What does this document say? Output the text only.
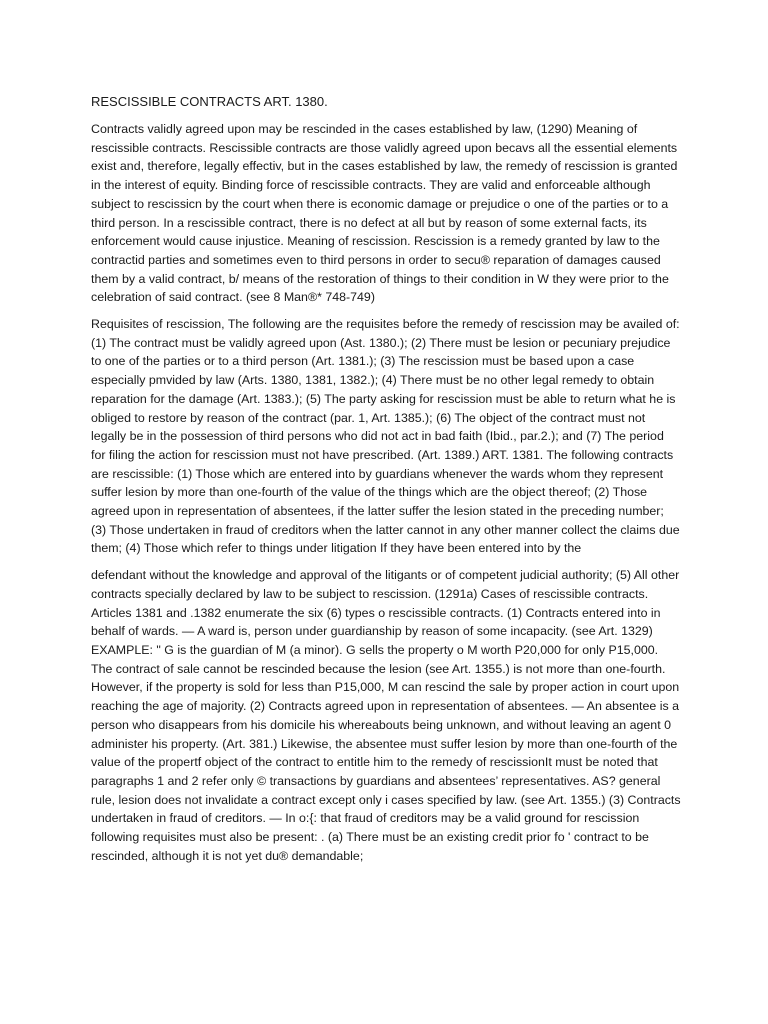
RESCISSIBLE CONTRACTS ART. 1380.

Contracts validly agreed upon may be rescinded in the cases established by law, (1290) Meaning of rescissible contracts. Rescissible contracts are those validly agreed upon becavs all the essential elements exist and, therefore, legally effectiv, but in the cases established by law, the remedy of rescission is granted in the interest of equity. Binding force of rescissible contracts. They are valid and enforceable although subject to rescissicn by the court when there is economic damage or prejudice o one of the parties or to a third person. In a rescissible contract, there is no defect at all but by reason of some external facts, its enforcement would cause injustice. Meaning of rescission. Rescission is a remedy granted by law to the contractid parties and sometimes even to third persons in order to secu® reparation of damages caused them by a valid contract, b/ means of the restoration of things to their condition in W they were prior to the celebration of said contract. (see 8 Man®* 748-749)

Requisites of rescission, The following are the requisites before the remedy of rescission may be availed of: (1) The contract must be validly agreed upon (Ast. 1380.); (2) There must be lesion or pecuniary prejudice to one of the parties or to a third person (Art. 1381.); (3) The rescission must be based upon a case especially pmvided by law (Arts. 1380, 1381, 1382.); (4) There must be no other legal remedy to obtain reparation for the damage (Art. 1383.); (5) The party asking for rescission must be able to return what he is obliged to restore by reason of the contract (par. 1, Art. 1385.); (6) The object of the contract must not legally be in the possession of third persons who did not act in bad faith (Ibid., par.2.); and (7) The period for filing the action for rescission must not have prescribed. (Art. 1389.) ART. 1381. The following contracts are rescissible: (1) Those which are entered into by guardians whenever the wards whom they represent suffer lesion by more than one-fourth of the value of the things which are the object thereof; (2) Those agreed upon in representation of absentees, if the latter suffer the lesion stated in the preceding number; (3) Those undertaken in fraud of creditors when the latter cannot in any other manner collect the claims due them; (4) Those which refer to things under litigation If they have been entered into by the

defendant without the knowledge and approval of the litigants or of competent judicial authority; (5) All other contracts specially declared by law to be subject to rescission. (1291a) Cases of rescissible contracts. Articles 1381 and .1382 enumerate the six (6) types o rescissible contracts. (1) Contracts entered into in behalf of wards. — A ward is, person under guardianship by reason of some incapacity. (see Art. 1329) EXAMPLE: " G is the guardian of M (a minor). G sells the property o M worth P20,000 for only P15,000. The contract of sale cannot be rescinded because the lesion (see Art. 1355.) is not more than one-fourth. However, if the property is sold for less than P15,000, M can rescind the sale by proper action in court upon reaching the age of majority. (2) Contracts agreed upon in representation of absentees. — An absentee is a person who disappears from his domicile his whereabouts being unknown, and without leaving an agent 0 administer his property. (Art. 381.) Likewise, the absentee must suffer lesion by more than one-fourth of the value of the propertf object of the contract to entitle him to the remedy of rescissionIt must be noted that paragraphs 1 and 2 refer only © transactions by guardians and absentees’ representatives. AS? general rule, lesion does not invalidate a contract except only i cases specified by law. (see Art. 1355.) (3) Contracts undertaken in fraud of creditors. — In o:{: that fraud of creditors may be a valid ground for rescission following requisites must also be present: . (a) There must be an existing credit prior fo ' contract to be rescinded, although it is not yet du® demandable;
